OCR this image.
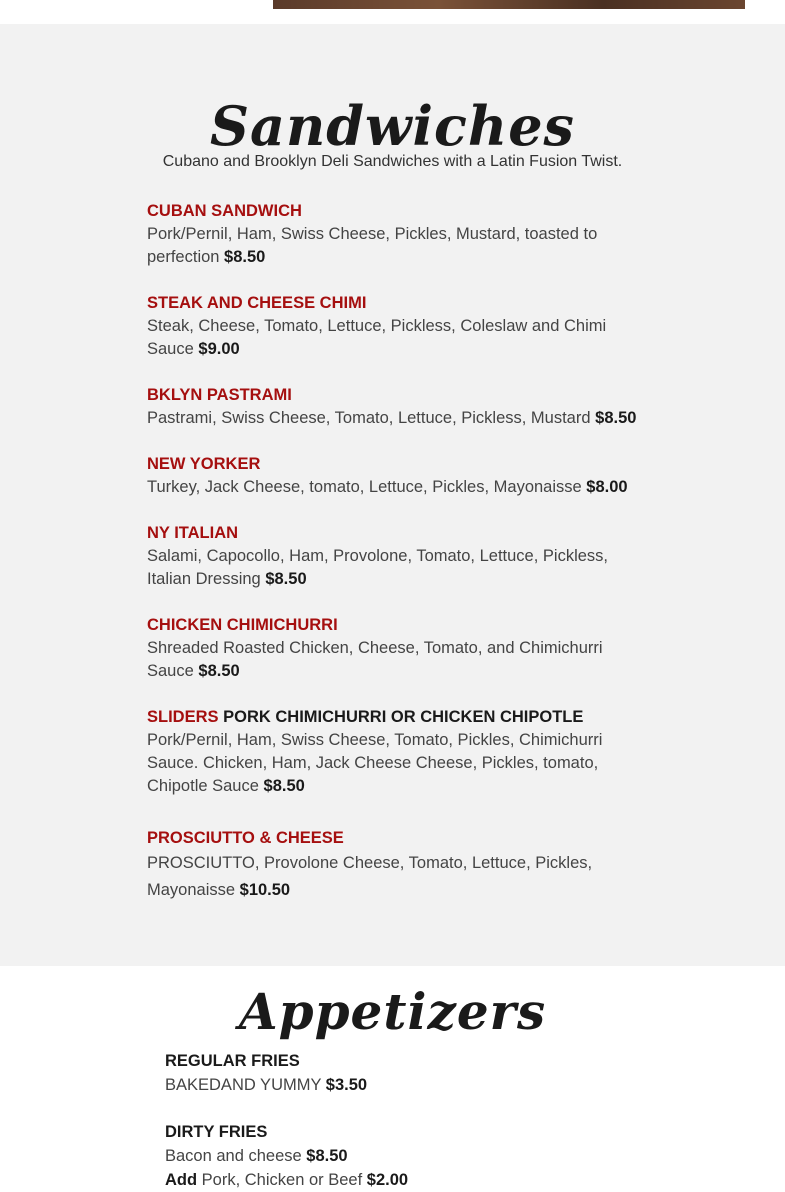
Sandwiches
Cubano and Brooklyn Deli Sandwiches with a Latin Fusion Twist.
CUBAN SANDWICH
Pork/Pernil, Ham, Swiss Cheese, Pickles, Mustard, toasted to perfection $8.50
STEAK AND CHEESE CHIMI
Steak, Cheese, Tomato, Lettuce, Pickless, Coleslaw and Chimi Sauce $9.00
BKLYN PASTRAMI
Pastrami, Swiss Cheese, Tomato, Lettuce, Pickless, Mustard $8.50
NEW YORKER
Turkey, Jack Cheese, tomato, Lettuce, Pickles, Mayonaisse $8.00
NY ITALIAN
Salami, Capocollo, Ham, Provolone, Tomato, Lettuce, Pickless, Italian Dressing $8.50
CHICKEN CHIMICHURRI
Shreaded Roasted Chicken, Cheese, Tomato, and Chimichurri Sauce $8.50
SLIDERS PORK CHIMICHURRI OR CHICKEN CHIPOTLE
Pork/Pernil, Ham, Swiss Cheese, Tomato, Pickles, Chimichurri Sauce. Chicken, Ham, Jack Cheese Cheese, Pickles, tomato, Chipotle Sauce $8.50
PROSCIUTTO & CHEESE
PROSCIUTTO, Provolone Cheese, Tomato, Lettuce, Pickles, Mayonaisse $10.50
Appetizers
REGULAR FRIES
BAKEDAND YUMMY $3.50
DIRTY FRIES
Bacon and cheese $8.50
Add Pork, Chicken or Beef $2.00
